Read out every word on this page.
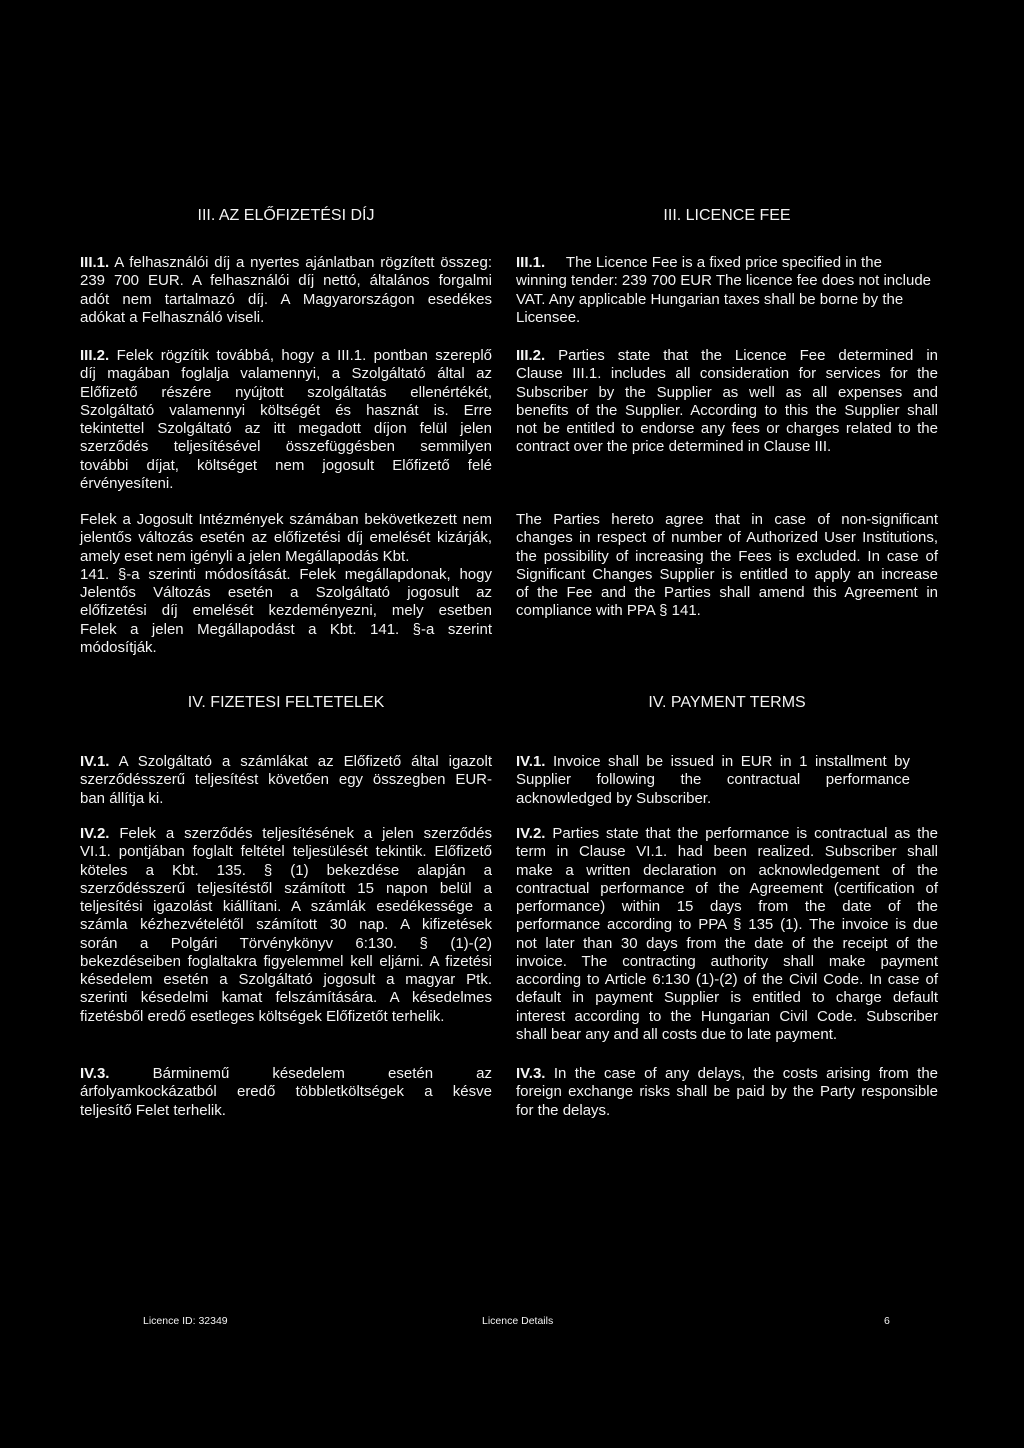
III. AZ ELŐFIZETÉSI DÍJ	III. LICENCE FEE
III.1. A felhasználói díj a nyertes ajánlatban rögzített összeg:
239 700 EUR. A felhasználói díj nettó, általános forgalmi
adót nem tartalmazó díj. A Magyarországon esedékes
adókat a Felhasználó viseli.
III.2. Felek rögzítik továbbá, hogy a III.1. pontban szereplő
díj magában foglalja valamennyi, a Szolgáltató által az
Előfizető részére nyújtott szolgáltatás ellenértékét,
Szolgáltató valamennyi költségét és hasznát is. Erre
tekintettel Szolgáltató az itt megadott díjon felül jelen
szerződés teljesítésével összefüggésben semmilyen
további díjat, költséget nem jogosult Előfizető felé
érvényesíteni.
Felek a Jogosult Intézmények számában bekövetkezett nem
jelentős változás esetén az előfizetési díj emelését kizárják,
amely eset nem igényli a jelen Megállapodás Kbt.
141. §-a szerinti módosítását. Felek megállapdonak, hogy
Jelentős Változás esetén a Szolgáltató jogosult az
előfizetési díj emelését kezdeményezni, mely esetben
Felek a jelen Megállapodást a Kbt. 141. §-a szerint
módosítják.
III.1. The Licence Fee is a fixed price specified in the
winning tender: 239 700 EUR The licence fee does not include
VAT. Any applicable Hungarian taxes shall be borne by the
Licensee.
III.2. Parties state that the Licence Fee determined in
Clause III.1. includes all consideration for services for the
Subscriber by the Supplier as well as all expenses and
benefits of the Supplier. According to this the Supplier shall
not be entitled to endorse any fees or charges related to the
contract over the price determined in Clause III.
The Parties hereto agree that in case of non-significant
changes in respect of number of Authorized User Institutions,
the possibility of increasing the Fees is excluded. In case of
Significant Changes Supplier is entitled to apply an increase
of the Fee and the Parties shall amend this Agreement in
compliance with PPA § 141.
IV. FIZETESI FELTETELEK	IV. PAYMENT TERMS
IV.1. A Szolgáltató a számlákat az Előfizető által igazolt
szerződésszerű teljesítést követően egy összegben EUR-
ban állítja ki.
IV.2. Felek a szerződés teljesítésének a jelen szerződés
VI.1. pontjában foglalt feltétel teljesülését tekintik. Előfizető
köteles a Kbt. 135. § (1) bekezdése alapján a
szerződésszerű teljesítéstől számított 15 napon belül a
teljesítési igazolást kiállítani. A számlák esedékessége a
számla kézhezvételétől számított 30 nap. A kifizetések
során a Polgári Törvénykönyv 6:130. § (1)-(2)
bekezdéseiben foglaltakra figyelemmel kell eljárni. A fizetési
késedelem esetén a Szolgáltató jogosult a magyar Ptk.
szerinti késedelmi kamat felszámítására. A késedelmes
fizetésből eredő esetleges költségek Előfizetőt terhelik.
IV.3.	Bárminemű késedelem esetén az
árfolyamkockázatból eredő többletköltségek a késve
teljesítő Felet terhelik.
IV.1. Invoice shall be issued in EUR in 1 installment by
Supplier following the contractual performance
acknowledged by Subscriber.
IV.2. Parties state that the performance is contractual as the
term in Clause VI.1. had been realized. Subscriber shall
make a written declaration on acknowledgement of the
contractual performance of the Agreement (certification of
performance) within 15 days from the date of the
performance according to PPA § 135 (1). The invoice is due
not later than 30 days from the date of the receipt of the
invoice. The contracting authority shall make payment
according to Article 6:130 (1)-(2) of the Civil Code. In case of
default in payment Supplier is entitled to charge default
interest according to the Hungarian Civil Code. Subscriber
shall bear any and all costs due to late payment.
IV.3. In the case of any delays, the costs arising from the
foreign exchange risks shall be paid by the Party responsible
for the delays.
Licence ID: 32349	Licence Details	6
